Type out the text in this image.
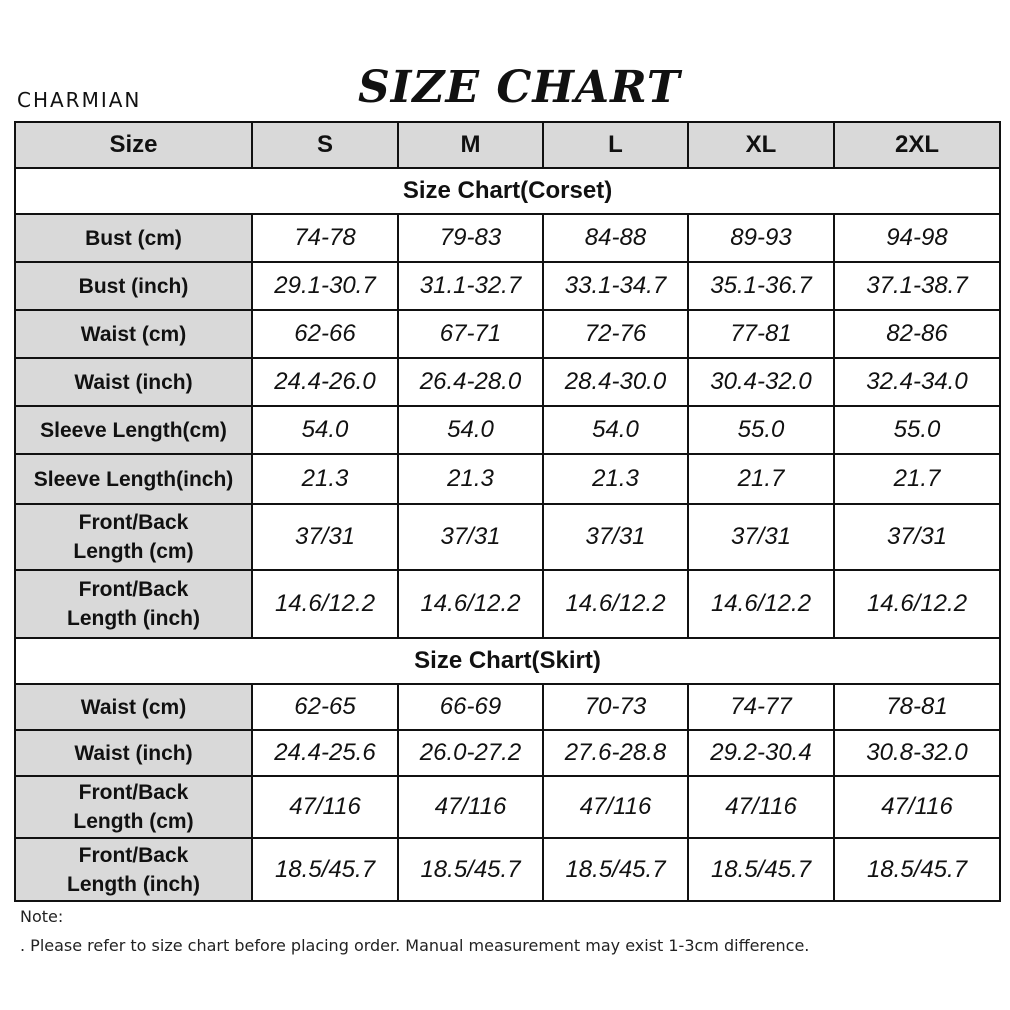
CHARMIAN	SIZE CHART
Size	S	M	L	XL	2XL
Size Chart(Corset)					

Bust (cm)	74-78	79-83	84-88	89-93	94-98

Bust (inch)	29.1-30.7	31.1-32.7	33.1-34.7	35.1-36.7	37.1-38.7

Waist (cm)	62-66	67-71	72-76	77-81	82-86

Waist (inch)	24.4-26.0	26.4-28.0	28.4-30.0	30.4-32.0	32.4-34.0

Sleeve Length(cm)	54.0	54.0	54.0	55.0	55.0

Sleeve Length(inch)	21.3	21.3	21.3	21.7	21.7

Front/Back
Length (cm)	37/31	37/31	37/31	37/31	37/31

Front/Back
Length (inch)	14.6/12.2	14.6/12.2	14.6/12.2	14.6/12.2	14.6/12.2
Size Chart(Skirt)					

Waist (cm)	62-65	66-69	70-73	74-77	78-81

Waist (inch)	24.4-25.6	26.0-27.2	27.6-28.8	29.2-30.4	30.8-32.0

Front/Back
Length (cm)	47/116	47/116	47/116	47/116	47/116

Front/Back
Length (inch)	18.5/45.7	18.5/45.7	18.5/45.7	18.5/45.7	18.5/45.7
Note:
. Please refer to size chart before placing order. Manual measurement may exist 1-3cm difference.
